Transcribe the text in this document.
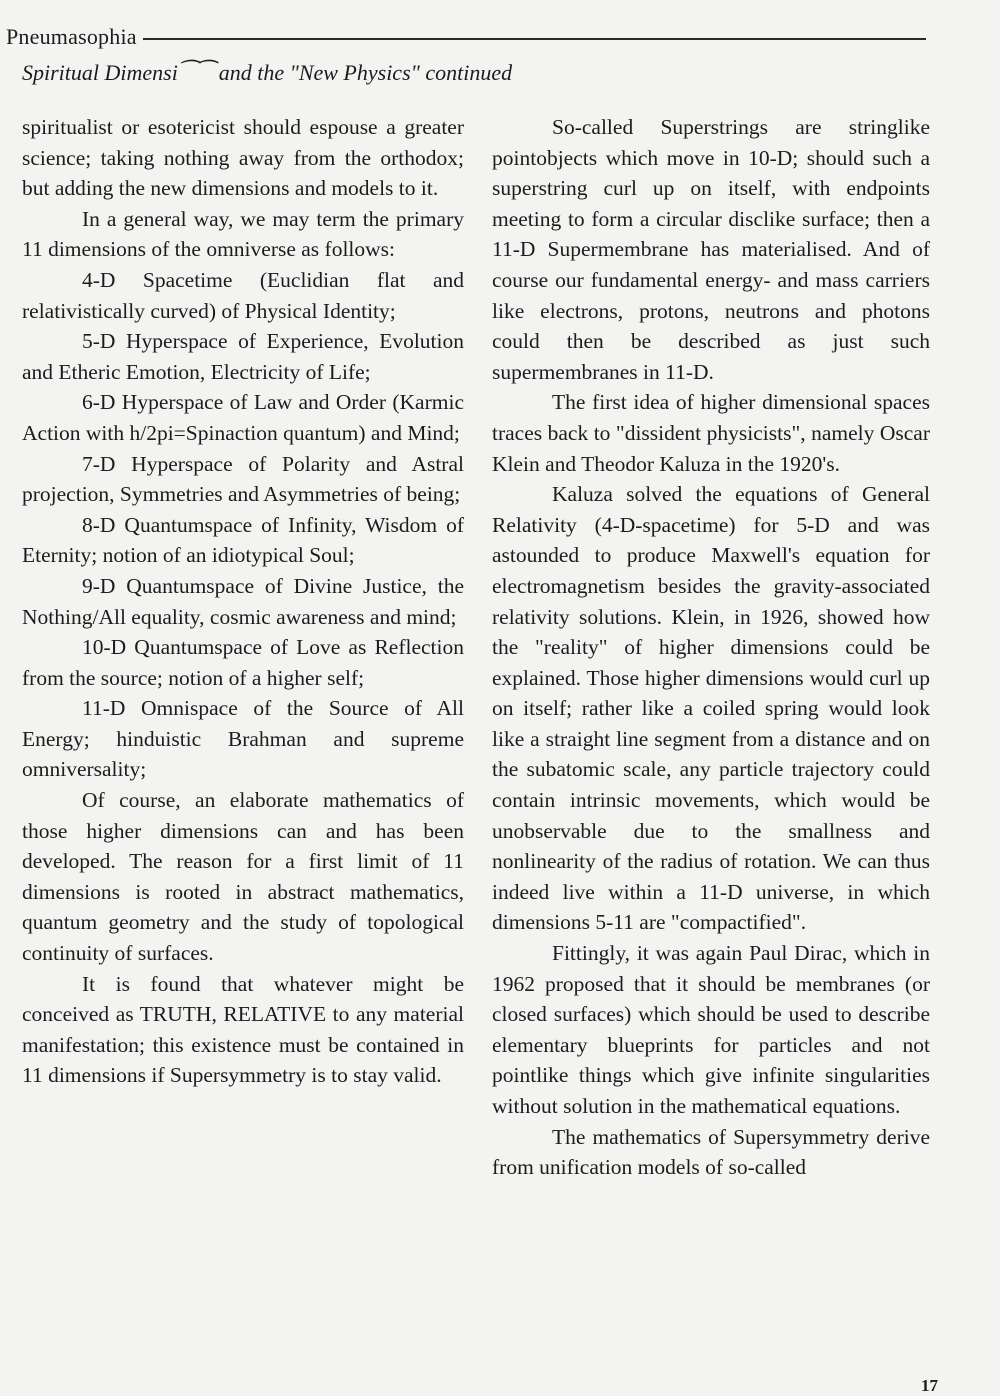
Pneumasophia
Spiritual Dimensi⁀⁀ and the "New Physics" continued

spiritualist or esotericist should espouse a greater science; taking nothing away from the orthodox; but adding the new dimensions and models to it.

In a general way, we may term the primary 11 dimensions of the omniverse as follows:

4-D Spacetime (Euclidian flat and relativistically curved) of Physical Identity;

5-D Hyperspace of Experience, Evolution and Etheric Emotion, Electricity of Life;

6-D Hyperspace of Law and Order (Karmic Action with h/2pi=Spinaction quantum) and Mind;

7-D Hyperspace of Polarity and Astral projection, Symmetries and Asymmetries of being;

8-D Quantumspace of Infinity, Wisdom of Eternity; notion of an idiotypical Soul;

9-D Quantumspace of Divine Justice, the Nothing/All equality, cosmic awareness and mind;

10-D Quantumspace of Love as Reflection from the source; notion of a higher self;

11-D Omnispace of the Source of All Energy; hinduistic Brahman and supreme omniversality;

Of course, an elaborate mathematics of those higher dimensions can and has been developed. The reason for a first limit of 11 dimensions is rooted in abstract mathematics, quantum geometry and the study of topological continuity of surfaces.

It is found that whatever might be conceived as TRUTH, RELATIVE to any material manifestation; this existence must be contained in 11 dimensions if Supersymmetry is to stay valid.

So-called Superstrings are stringlike pointobjects which move in 10-D; should such a superstring curl up on itself, with endpoints meeting to form a circular disclike surface; then a 11-D Supermembrane has materialised. And of course our fundamental energy- and mass carriers like electrons, protons, neutrons and photons could then be described as just such supermembranes in 11-D.

The first idea of higher dimensional spaces traces back to "dissident physicists", namely Oscar Klein and Theodor Kaluza in the 1920's.

Kaluza solved the equations of General Relativity (4-D-spacetime) for 5-D and was astounded to produce Maxwell's equation for electromagnetism besides the gravity-associated relativity solutions. Klein, in 1926, showed how the "reality" of higher dimensions could be explained. Those higher dimensions would curl up on itself; rather like a coiled spring would look like a straight line segment from a distance and on the subatomic scale, any particle trajectory could contain intrinsic movements, which would be unobservable due to the smallness and nonlinearity of the radius of rotation. We can thus indeed live within a 11-D universe, in which dimensions 5-11 are "compactified".

Fittingly, it was again Paul Dirac, which in 1962 proposed that it should be membranes (or closed surfaces) which should be used to describe elementary blueprints for particles and not pointlike things which give infinite singularities without solution in the mathematical equations.

The mathematics of Supersymmetry derive from unification models of so-called

17
